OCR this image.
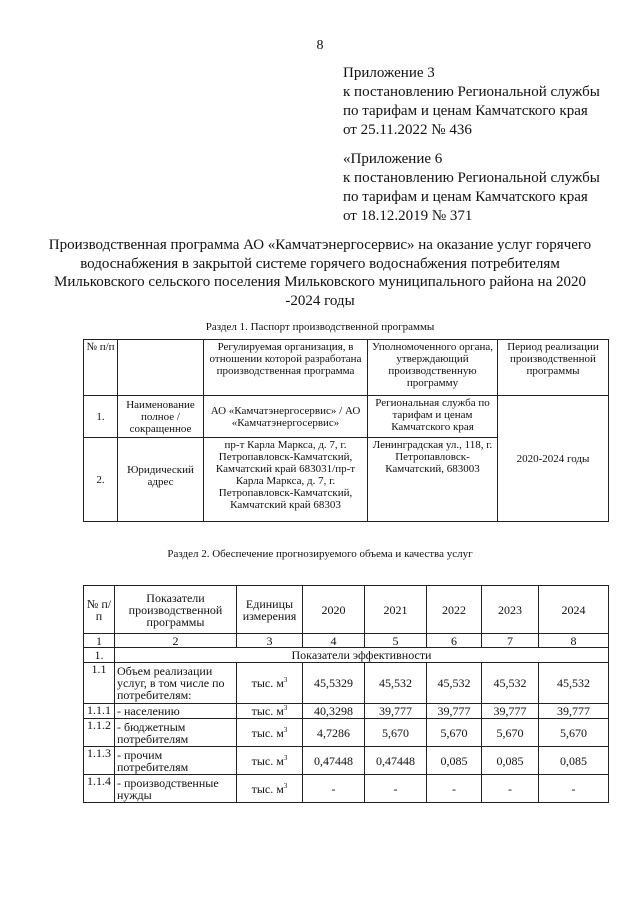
8
Приложение 3
к постановлению Региональной службы
по тарифам и ценам Камчатского края
от 25.11.2022 № 436
«Приложение 6
к постановлению Региональной службы
по тарифам и ценам Камчатского края
от 18.12.2019 № 371
Производственная программа АО «Камчатэнергосервис» на оказание услуг горячего водоснабжения в закрытой системе горячего водоснабжения потребителям Мильковского сельского поселения Мильковского муниципального района на 2020 -2024 годы
Раздел 1. Паспорт производственной программы
№ п/п		Регулируемая организация, в отношении которой разработана производственная программа	Уполномоченного органа, утверждающий производственную программу	Период реализации производственной программы
1.	Наименование полное / сокращенное	АО «Камчатэнергосервис» / АО «Камчатэнергосервис»	Региональная служба по тарифам и ценам Камчатского края	2020-2024 годы
2.	Юридический адрес	пр-т Карла Маркса, д. 7, г. Петропавловск-Камчатский, Камчатский край 683031/пр-т Карла Маркса, д. 7, г. Петропавловск-Камчатский, Камчатский край 68303	Ленинградская ул., 118, г. Петропавловск-Камчатский, 683003	
Раздел 2. Обеспечение прогнозируемого объема и качества услуг
№ п/п	Показатели производственной программы	Единицы измерения	2020	2021	2022	2023	2024
1	2	3	4	5	6	7	8
1.	Показатели эффективности						
1.1	Объем реализации услуг, в том числе по потребителям:	тыс. $м^3$	45,5329	45,532	45,532	45,532	45,532
1.1.1	- населению	тыс. $м^3$	40,3298	39,777	39,777	39,777	39,777
1.1.2	- бюджетным потребителям	тыс. $м^3$	4,7286	5,670	5,670	5,670	5,670
1.1.3	- прочим потребителям	тыс. $м^3$	0,47448	0,47448	0,085	0,085	0,085
1.1.4	- производственные нужды	тыс. $м^3$	-	-	-	-	-
